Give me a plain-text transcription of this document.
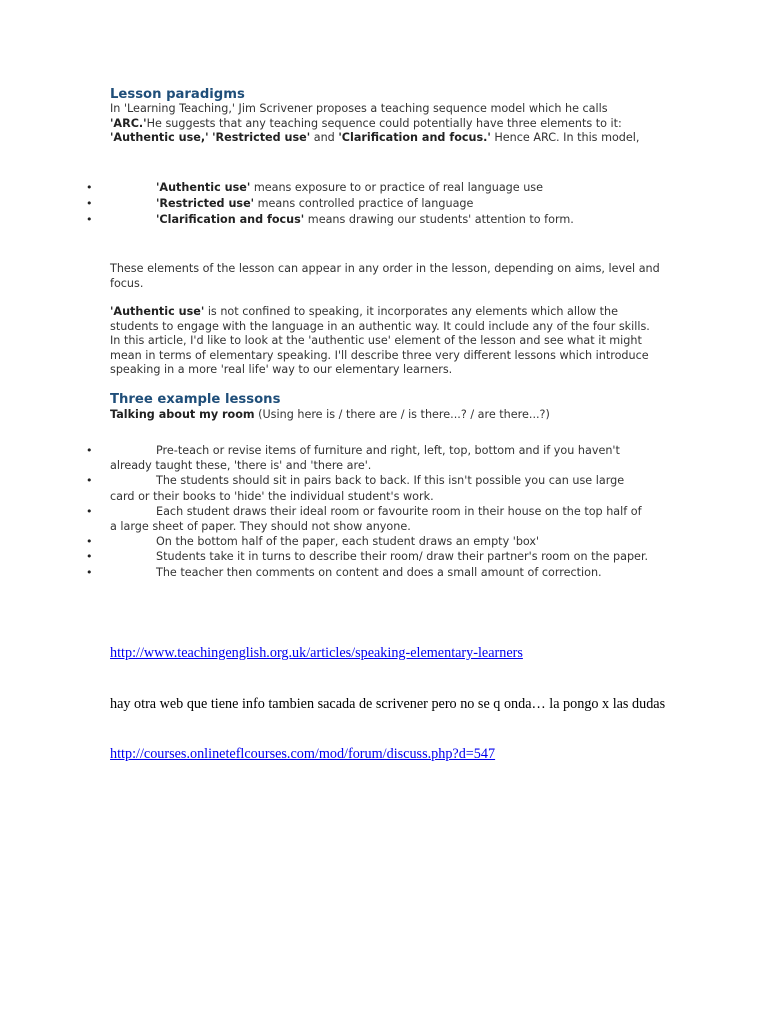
Lesson paradigms

In 'Learning Teaching,' Jim Scrivener proposes a teaching sequence model which he calls 'ARC.'He suggests that any teaching sequence could potentially have three elements to it: 'Authentic use,' 'Restricted use' and 'Clarification and focus.' Hence ARC. In this model,

•	'Authentic use' means exposure to or practice of real language use
•	'Restricted use' means controlled practice of language
•	'Clarification and focus' means drawing our students' attention to form.

These elements of the lesson can appear in any order in the lesson, depending on aims, level and focus.

'Authentic use' is not confined to speaking, it incorporates any elements which allow the students to engage with the language in an authentic way. It could include any of the four skills. In this article, I'd like to look at the 'authentic use' element of the lesson and see what it might mean in terms of elementary speaking. I'll describe three very different lessons which introduce speaking in a more 'real life' way to our elementary learners.

Three example lessons

Talking about my room (Using here is / there are / is there...? / are there...?)

•	Pre-teach or revise items of furniture and right, left, top, bottom and if you haven't already taught these, 'there is' and 'there are'.
•	The students should sit in pairs back to back. If this isn't possible you can use large card or their books to 'hide' the individual student's work.
•	Each student draws their ideal room or favourite room in their house on the top half of a large sheet of paper. They should not show anyone.
•	On the bottom half of the paper, each student draws an empty 'box'
•	Students take it in turns to describe their room/ draw their partner's room on the paper.
•	The teacher then comments on content and does a small amount of correction.
http://www.teachingenglish.org.uk/articles/speaking-elementary-learners

hay otra web que tiene info tambien sacada de scrivener pero no se q onda… la pongo x las dudas

http://courses.onlineteflcourses.com/mod/forum/discuss.php?d=547
